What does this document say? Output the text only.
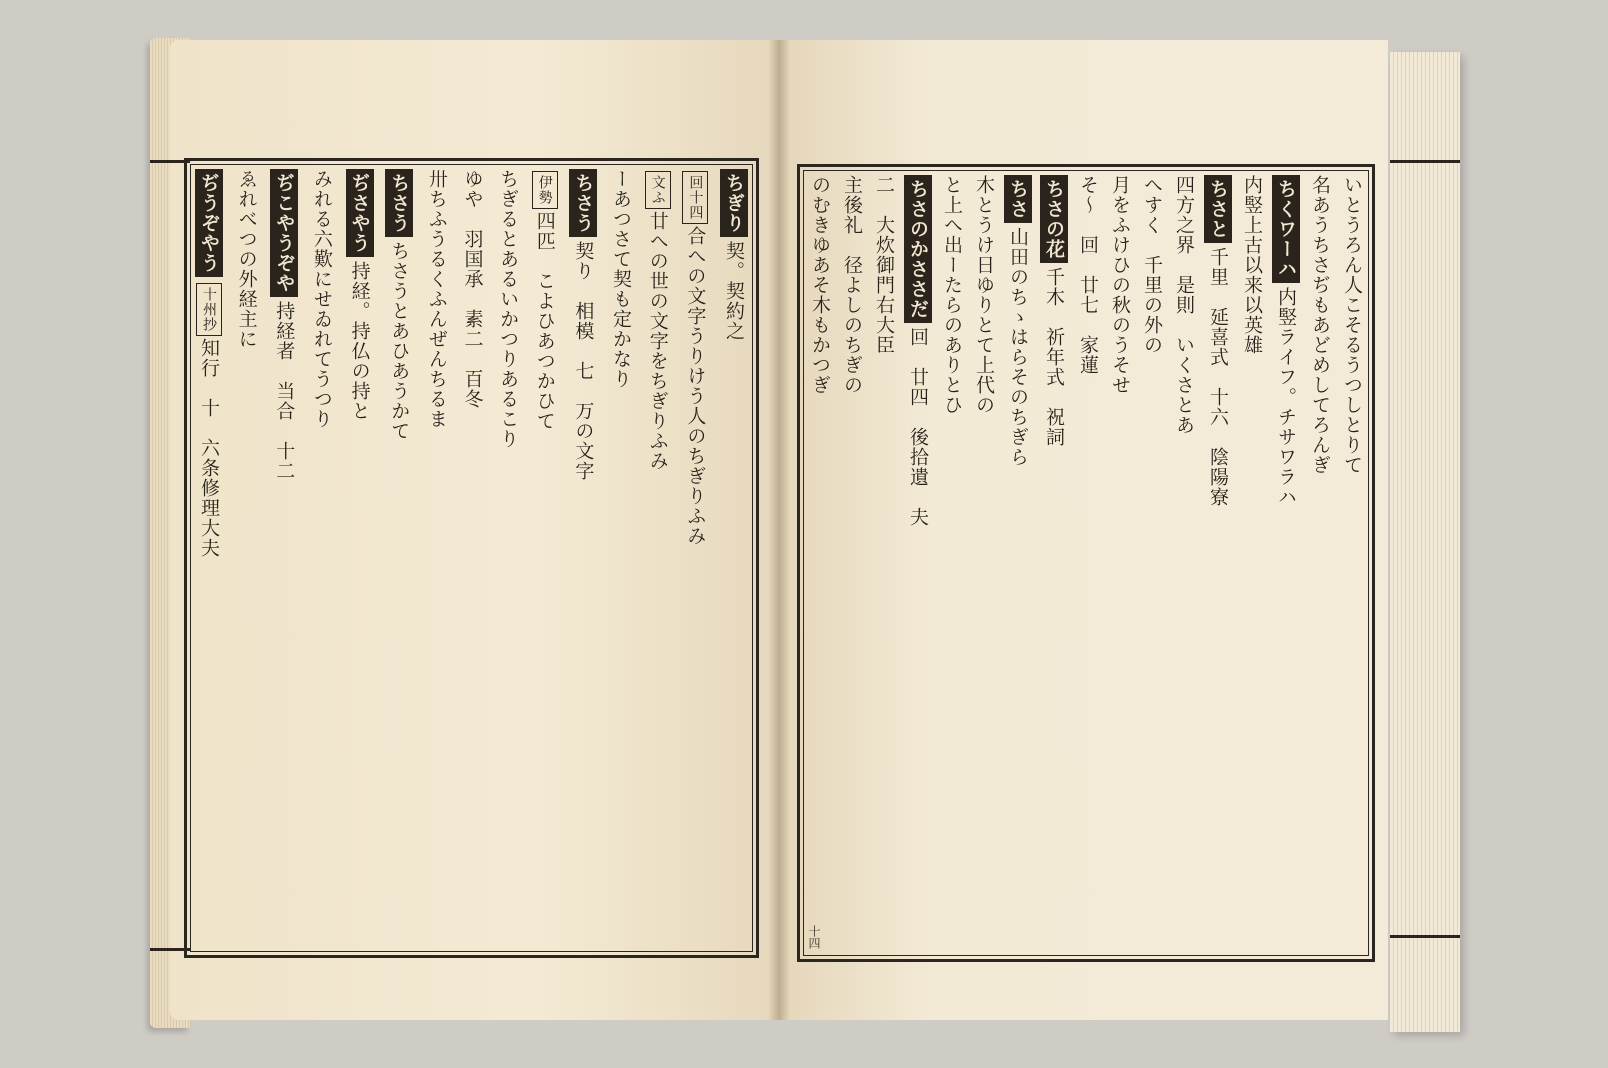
ちぎり契。契約之
回十四合への文字うりけう人のちぎりふみ
文ふ廿への世の文字をちぎりふみ
ーあつさて契も定かなり
ちさう契り　相模　七　万の文字
伊勢四匹　こよひあつかひて
ちぎるとあるいかつりあるこり
ゆや　羽国承　素二　百冬
卅ちふうるくふんぜんちるま
ちさうちさうとあひあうかて
ぢさやう持経。持仏の持と
みれる六歎にせゐれてうつり
ぢこやうぞや持経者　当合　十二
ゑれべつの外経主に
ぢうぞやう十州抄知行　十　六条修理大夫	いとうろん人こそるうつしとりて
名あうちさぢもあどめしてろんぎ
ちくワーハ内竪ライフ。チサワラハ
内竪上古以来以英雄
ちさと千里　延喜式　十六　陰陽寮
四方之界　是則　いくさとあ
へすく　千里の外の
月をふけひの秋のうそせ
そ〜　回　廿七　家蓮
ちさの花千木　祈年式　祝詞
ちさ山田のちゝはらそのちぎら
木とうけ日ゆりとて上代の
と上へ出ーたらのありとひ
ちさのかささだ回　廿四　後拾遺　夫
二　大炊御門右大臣
主後礼　径よしのちぎの
のむきゆあそ木もかつぎ
十四
